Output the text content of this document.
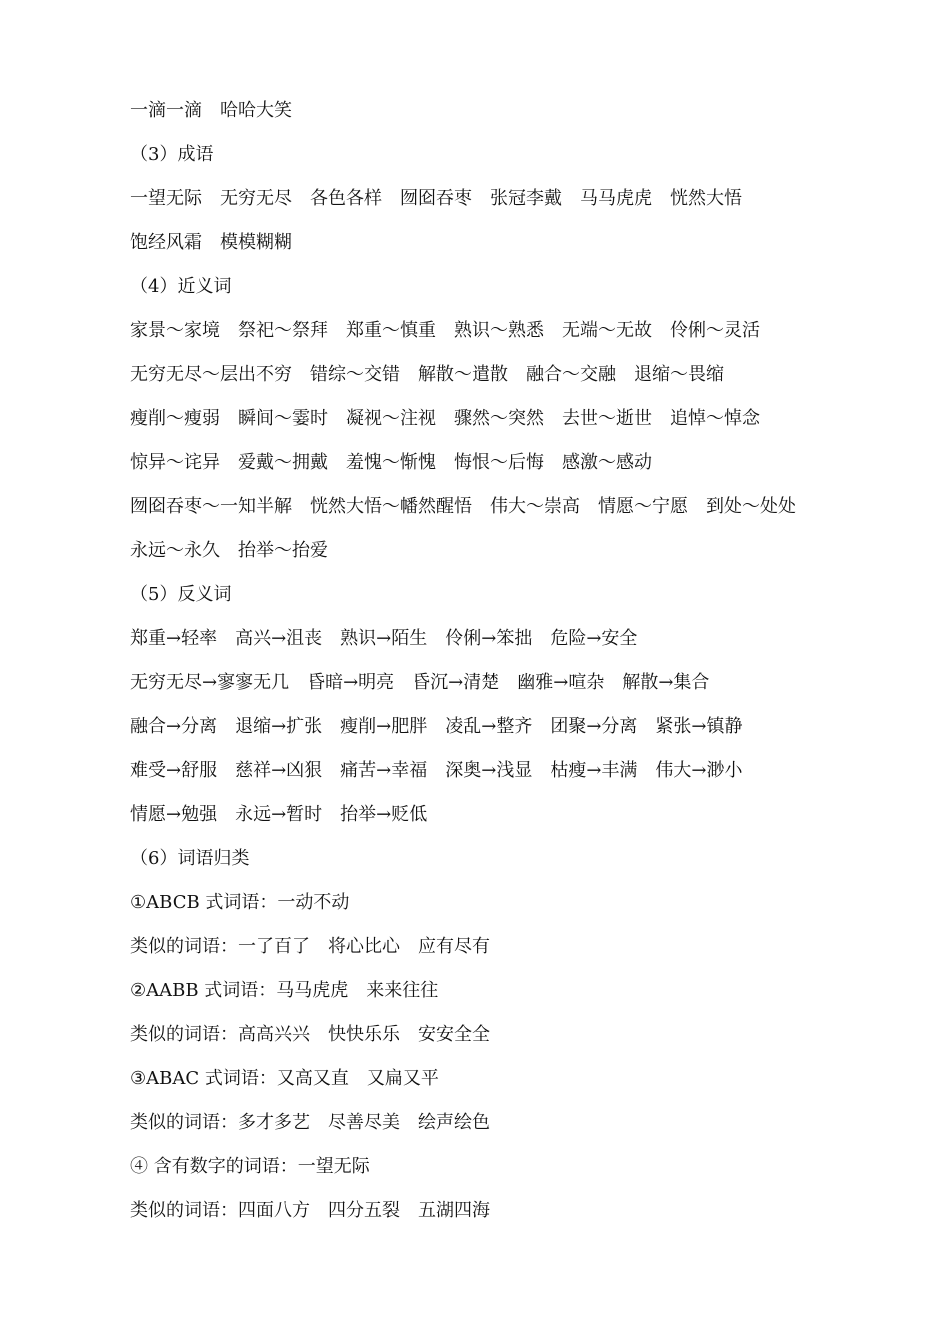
一滴一滴　哈哈大笑
（3）成语
一望无际　无穷无尽　各色各样　囫囵吞枣　张冠李戴　马马虎虎　恍然大悟
饱经风霜　模模糊糊
（4）近义词
家景～家境　祭祀～祭拜　郑重～慎重　熟识～熟悉　无端～无故　伶俐～灵活
无穷无尽～层出不穷　错综～交错　解散～遣散　融合～交融　退缩～畏缩
瘦削～瘦弱　瞬间～霎时　凝视～注视　骤然～突然　去世～逝世　追悼～悼念
惊异～诧异　爱戴～拥戴　羞愧～惭愧　悔恨～后悔　感激～感动
囫囵吞枣～一知半解　恍然大悟～幡然醒悟　伟大～崇高　情愿～宁愿　到处～处处
永远～永久　抬举～抬爱
（5）反义词
郑重→轻率　高兴→沮丧　熟识→陌生　伶俐→笨拙　危险→安全
无穷无尽→寥寥无几　昏暗→明亮　昏沉→清楚　幽雅→喧杂　解散→集合
融合→分离　退缩→扩张　瘦削→肥胖　凌乱→整齐　团聚→分离　紧张→镇静
难受→舒服　慈祥→凶狠　痛苦→幸福　深奥→浅显　枯瘦→丰满　伟大→渺小
情愿→勉强　永远→暂时　抬举→贬低
（6）词语归类
①ABCB 式词语：一动不动
类似的词语：一了百了　将心比心　应有尽有
②AABB 式词语：马马虎虎　来来往往
类似的词语：高高兴兴　快快乐乐　安安全全
③ABAC 式词语：又高又直　又扁又平
类似的词语：多才多艺　尽善尽美　绘声绘色
④ 含有数字的词语：一望无际
类似的词语：四面八方　四分五裂　五湖四海
